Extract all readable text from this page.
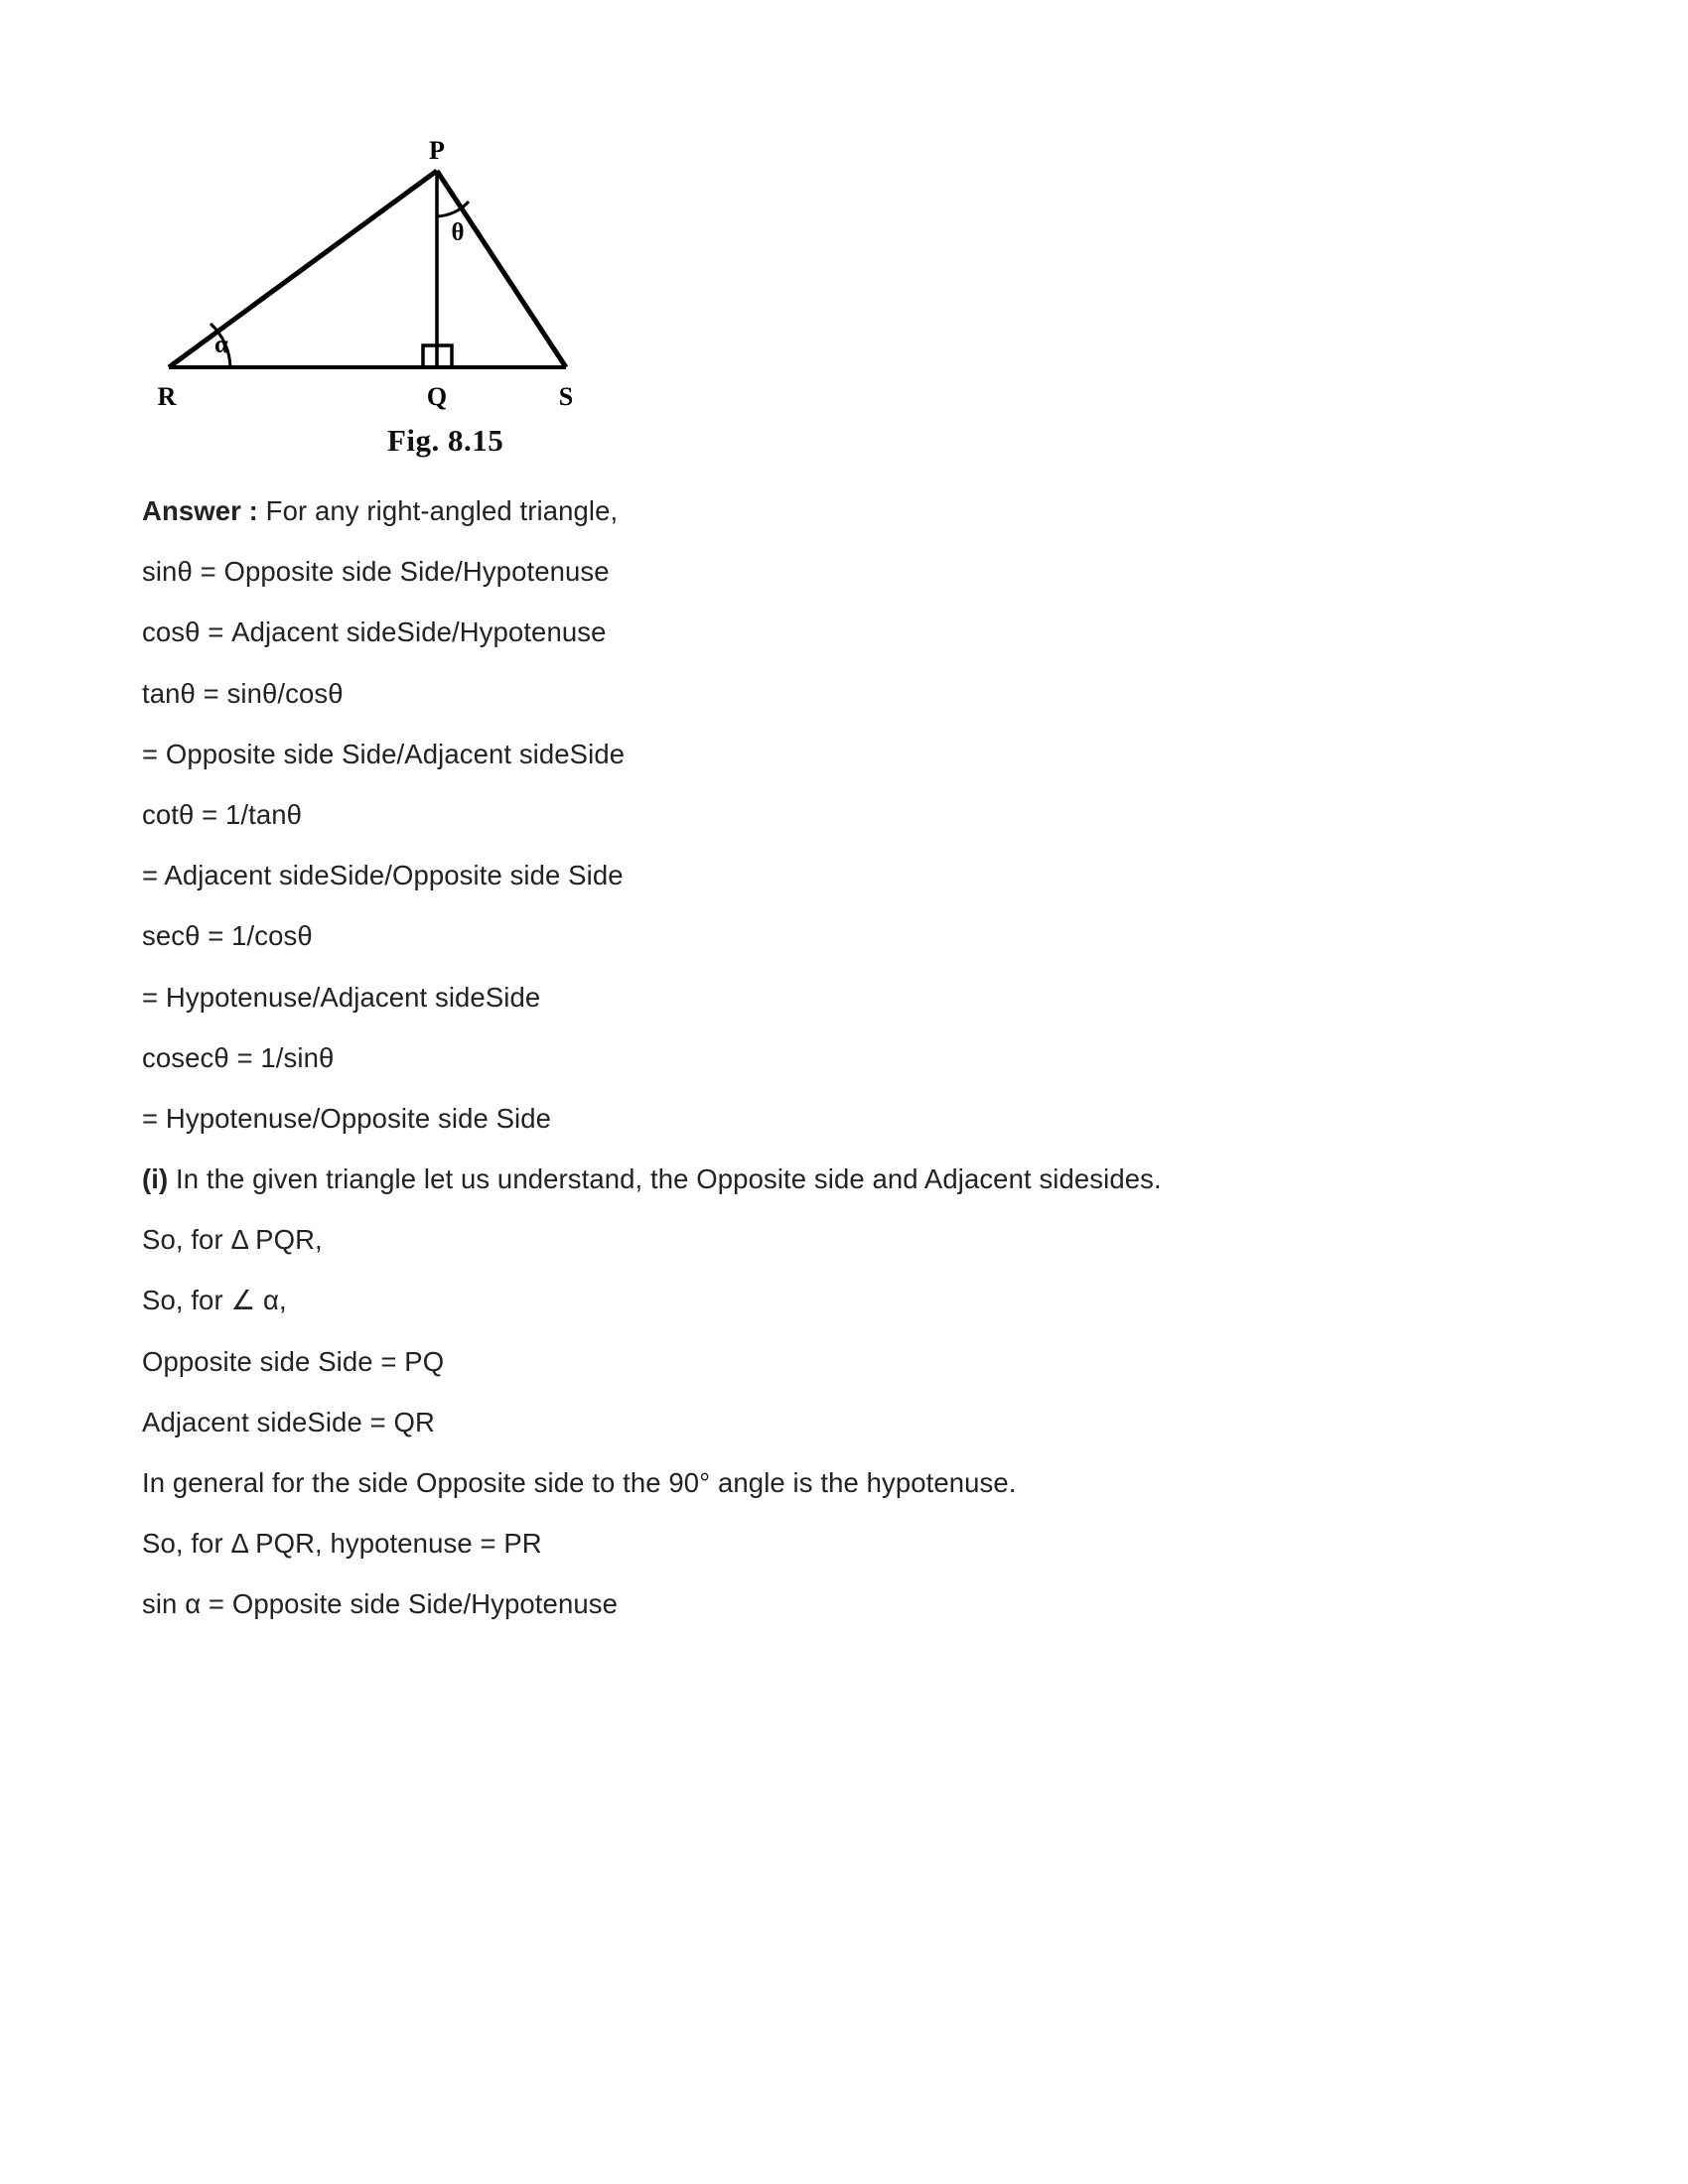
P
R	Q	S
θ
α
Fig. 8.15

Answer : For any right-angled triangle,

sinθ = Opposite side Side/Hypotenuse

cosθ = Adjacent sideSide/Hypotenuse

tanθ = sinθ/cosθ

= Opposite side Side/Adjacent sideSide

cotθ = 1/tanθ

= Adjacent sideSide/Opposite side Side

secθ = 1/cosθ

= Hypotenuse/Adjacent sideSide

cosecθ = 1/sinθ

= Hypotenuse/Opposite side Side

(i) In the given triangle let us understand, the Opposite side and Adjacent sidesides.

So, for Δ PQR,

So, for ∠ α,

Opposite side Side = PQ

Adjacent sideSide = QR

In general for the side Opposite side to the 90° angle is the hypotenuse.

So, for Δ PQR, hypotenuse = PR

sin α = Opposite side Side/Hypotenuse
